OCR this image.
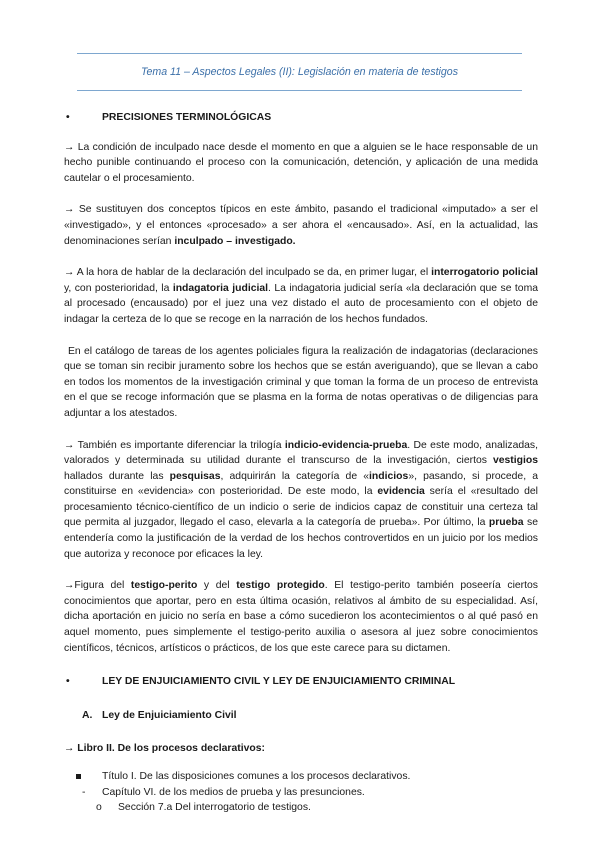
Tema 11 – Aspectos Legales (II): Legislación en materia de testigos
•	PRECISIONES TERMINOLÓGICAS

→ La condición de inculpado nace desde el momento en que a alguien se le hace responsable de un hecho punible continuando el proceso con la comunicación, detención, y aplicación de una medida cautelar o el procesamiento.

→ Se sustituyen dos conceptos típicos en este ámbito, pasando el tradicional «imputado» a ser el «investigado», y el entonces «procesado» a ser ahora el «encausado». Así, en la actualidad, las denominaciones serían inculpado – investigado.

→ A la hora de hablar de la declaración del inculpado se da, en primer lugar, el interrogatorio policial y, con posterioridad, la indagatoria judicial. La indagatoria judicial sería «la declaración que se toma al procesado (encausado) por el juez una vez distado el auto de procesamiento con el objeto de indagar la certeza de lo que se recoge en la narración de los hechos fundados.

En el catálogo de tareas de los agentes policiales figura la realización de indagatorias (declaraciones que se toman sin recibir juramento sobre los hechos que se están averiguando), que se llevan a cabo en todos los momentos de la investigación criminal y que toman la forma de un proceso de entrevista en el que se recoge información que se plasma en la forma de notas operativas o de diligencias para adjuntar a los atestados.

→ También es importante diferenciar la trilogía indicio-evidencia-prueba. De este modo, analizadas, valorados y determinada su utilidad durante el transcurso de la investigación, ciertos vestigios hallados durante las pesquisas, adquirirán la categoría de «indicios», pasando, si procede, a constituirse en «evidencia» con posterioridad. De este modo, la evidencia sería el «resultado del procesamiento técnico-científico de un indicio o serie de indicios capaz de constituir una certeza tal que permita al juzgador, llegado el caso, elevarla a la categoría de prueba». Por último, la prueba se entendería como la justificación de la verdad de los hechos controvertidos en un juicio por los medios que autoriza y reconoce por eficaces la ley.

→Figura del testigo-perito y del testigo protegido. El testigo-perito también poseería ciertos conocimientos que aportar, pero en esta última ocasión, relativos al ámbito de su especialidad. Así, dicha aportación en juicio no sería en base a cómo sucedieron los acontecimientos o al qué pasó en aquel momento, pues simplemente el testigo-perito auxilia o asesora al juez sobre conocimientos científicos, técnicos, artísticos o prácticos, de los que este carece para su dictamen.

•	LEY DE ENJUICIAMIENTO CIVIL Y LEY DE ENJUICIAMIENTO CRIMINAL
A. Ley de Enjuiciamiento Civil

→ Libro II. De los procesos declarativos:

Título I. De las disposiciones comunes a los procesos declarativos.
- Capítulo VI. de los medios de prueba y las presunciones.
o Sección 7.a Del interrogatorio de testigos.
